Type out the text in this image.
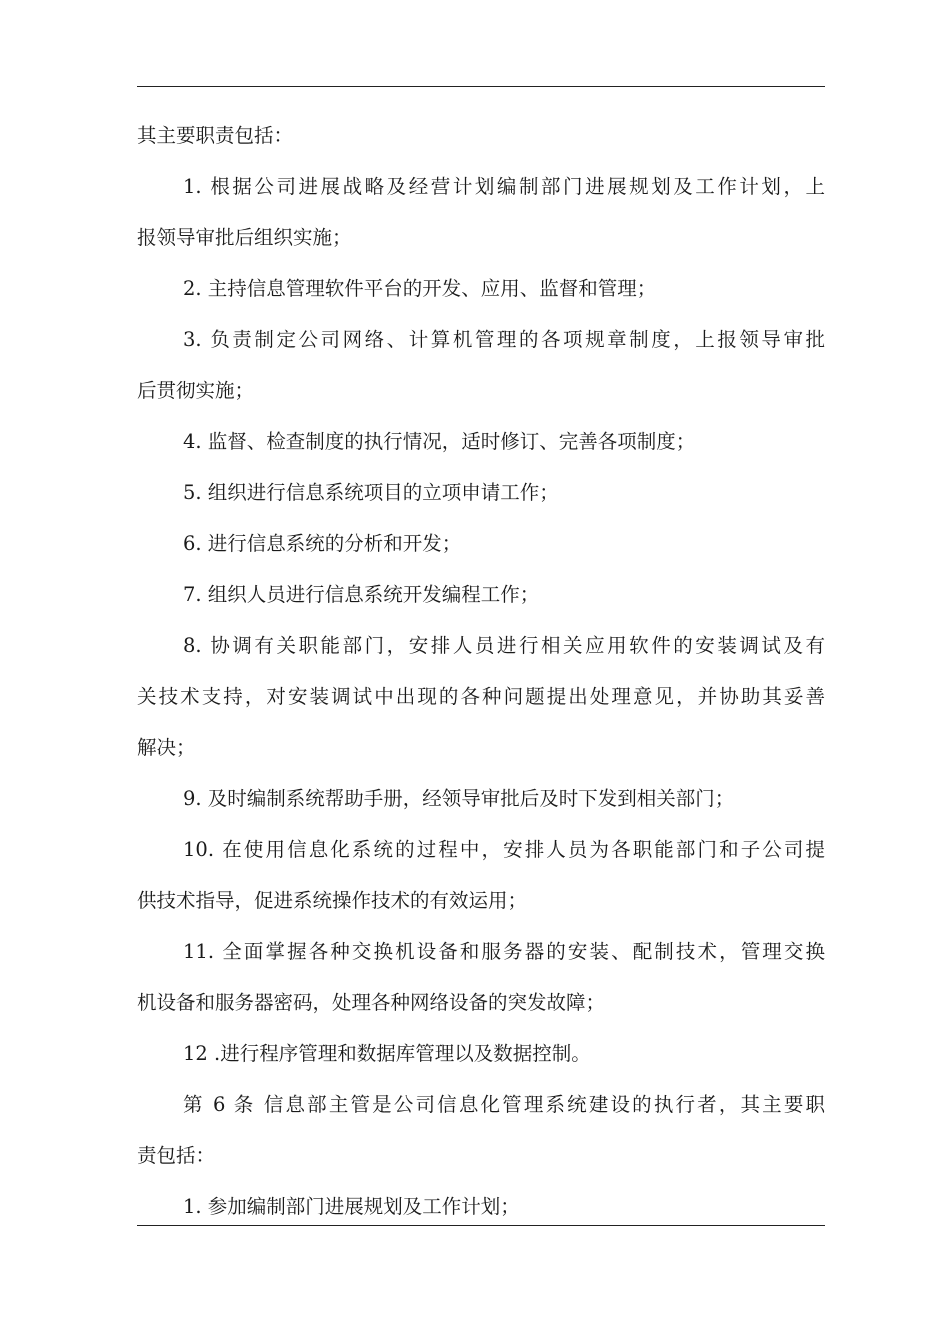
其主要职责包括：
1. 根据公司进展战略及经营计划编制部门进展规划及工作计划，上
报领导审批后组织实施；
2. 主持信息管理软件平台的开发、应用、监督和管理；
3. 负责制定公司网络、计算机管理的各项规章制度，上报领导审批
后贯彻实施；
4. 监督、检查制度的执行情况，适时修订、完善各项制度；
5. 组织进行信息系统项目的立项申请工作；
6. 进行信息系统的分析和开发；
7. 组织人员进行信息系统开发编程工作；
8. 协调有关职能部门，安排人员进行相关应用软件的安装调试及有
关技术支持，对安装调试中出现的各种问题提出处理意见，并协助其妥善
解决；
9. 及时编制系统帮助手册，经领导审批后及时下发到相关部门；
10. 在使用信息化系统的过程中，安排人员为各职能部门和子公司提
供技术指导，促进系统操作技术的有效运用；
11. 全面掌握各种交换机设备和服务器的安装、配制技术，管理交换
机设备和服务器密码，处理各种网络设备的突发故障；
12 .进行程序管理和数据库管理以及数据控制。
第 6 条 信息部主管是公司信息化管理系统建设的执行者，其主要职
责包括：
1. 参加编制部门进展规划及工作计划；
